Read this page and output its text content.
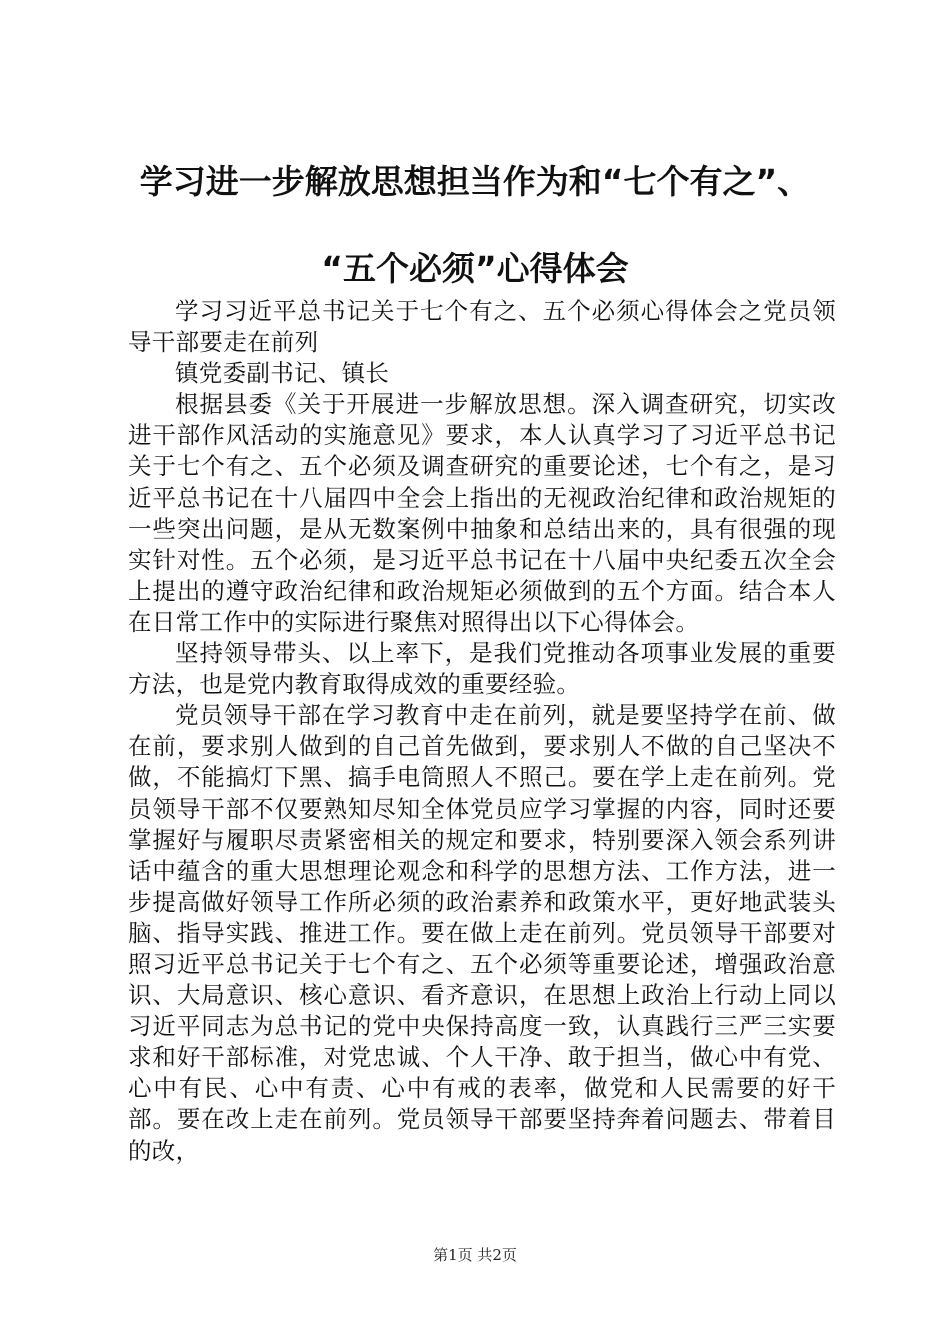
学习进一步解放思想担当作为和“七个有之”、
“五个必须”心得体会

学习习近平总书记关于七个有之、五个必须心得体会之党员领导干部要走在前列

镇党委副书记、镇长

根据县委《关于开展进一步解放思想。深入调查研究，切实改进干部作风活动的实施意见》要求，本人认真学习了习近平总书记关于七个有之、五个必须及调查研究的重要论述，七个有之，是习近平总书记在十八届四中全会上指出的无视政治纪律和政治规矩的一些突出问题，是从无数案例中抽象和总结出来的，具有很强的现实针对性。五个必须，是习近平总书记在十八届中央纪委五次全会上提出的遵守政治纪律和政治规矩必须做到的五个方面。结合本人在日常工作中的实际进行聚焦对照得出以下心得体会。

坚持领导带头、以上率下，是我们党推动各项事业发展的重要方法，也是党内教育取得成效的重要经验。

党员领导干部在学习教育中走在前列，就是要坚持学在前、做在前，要求别人做到的自己首先做到，要求别人不做的自己坚决不做，不能搞灯下黑、搞手电筒照人不照己。要在学上走在前列。党员领导干部不仅要熟知尽知全体党员应学习掌握的内容，同时还要掌握好与履职尽责紧密相关的规定和要求，特别要深入领会系列讲话中蕴含的重大思想理论观念和科学的思想方法、工作方法，进一步提高做好领导工作所必须的政治素养和政策水平，更好地武装头脑、指导实践、推进工作。要在做上走在前列。党员领导干部要对照习近平总书记关于七个有之、五个必须等重要论述，增强政治意识、大局意识、核心意识、看齐意识，在思想上政治上行动上同以习近平同志为总书记的党中央保持高度一致，认真践行三严三实要求和好干部标准，对党忠诚、个人干净、敢于担当，做心中有党、心中有民、心中有责、心中有戒的表率，做党和人民需要的好干部。要在改上走在前列。党员领导干部要坚持奔着问题去、带着目的改，

第1页 共2页
